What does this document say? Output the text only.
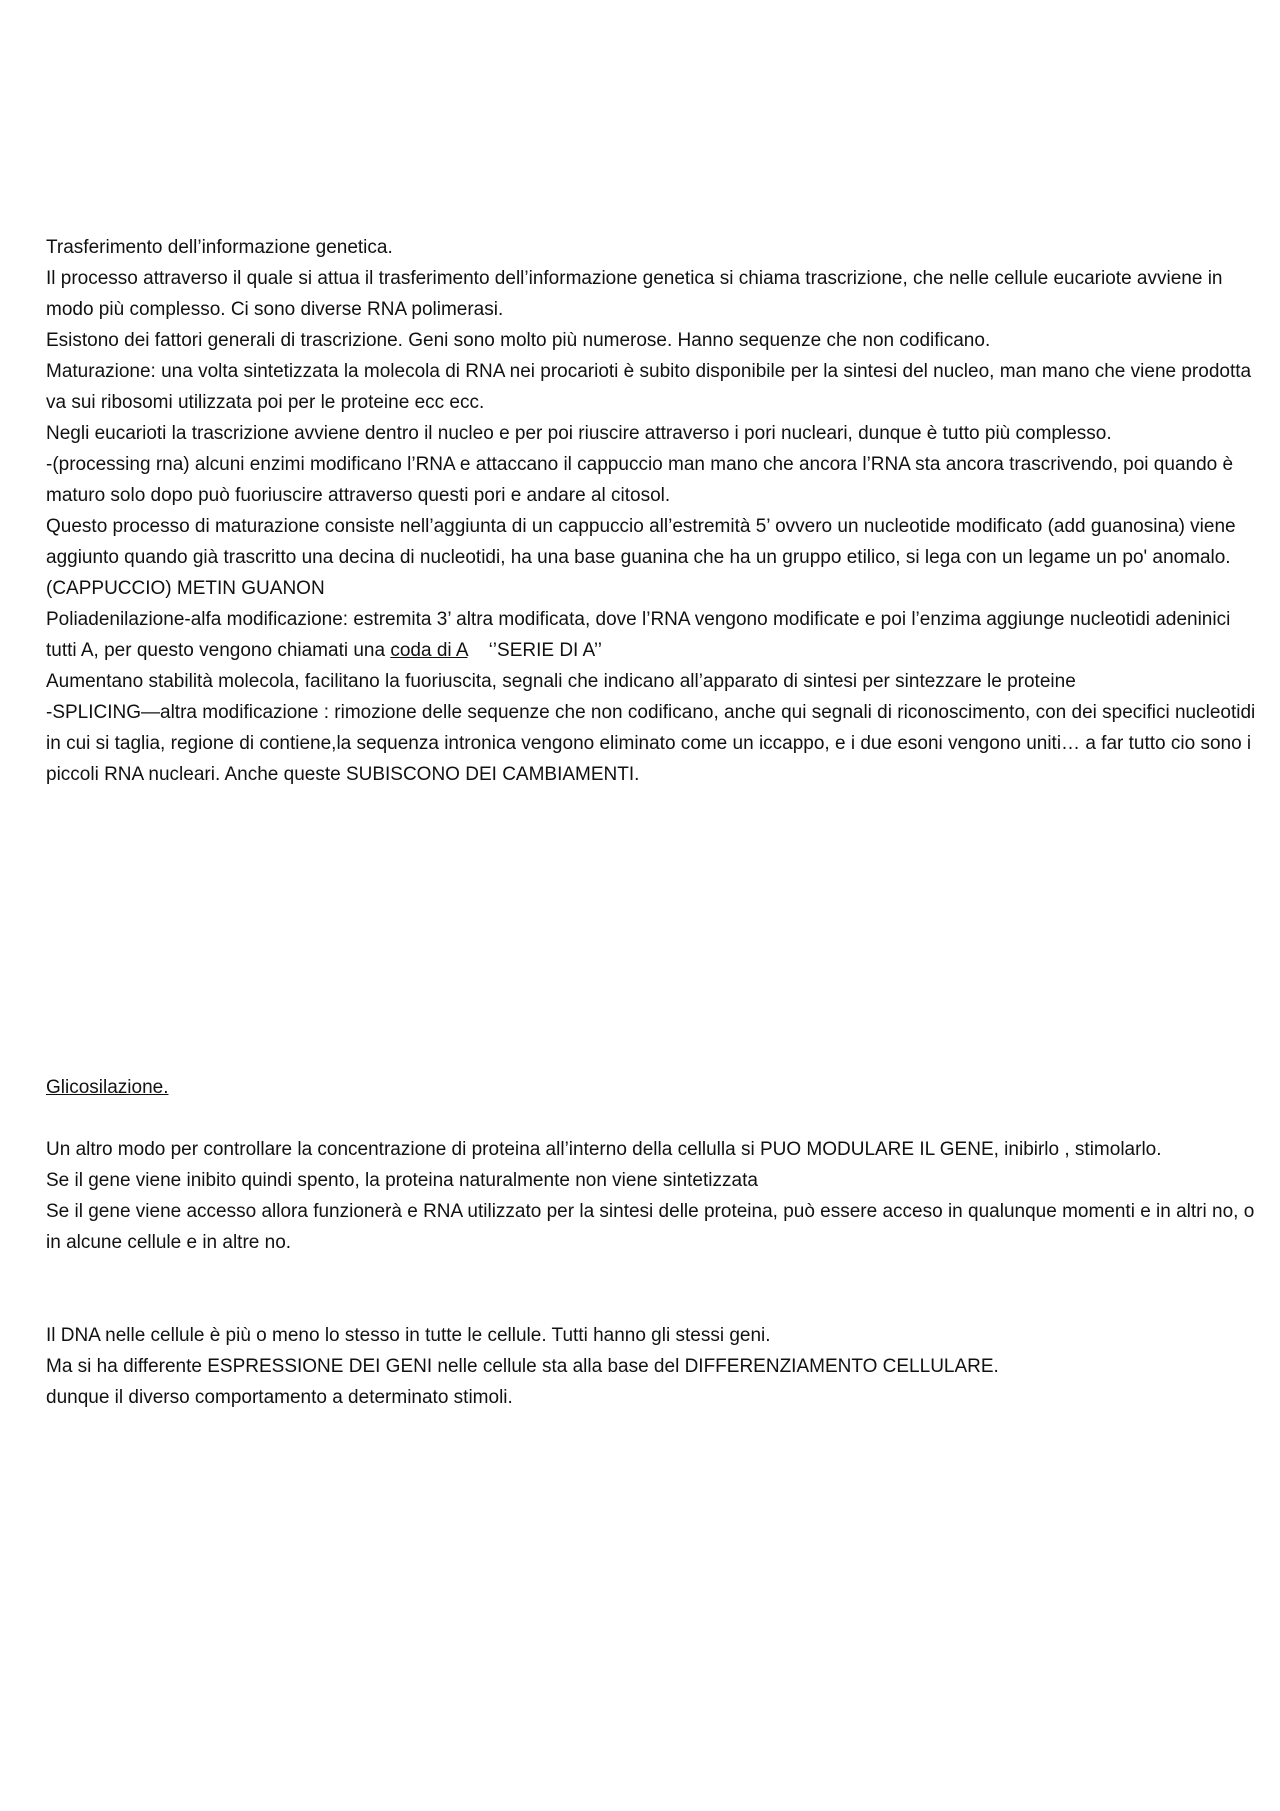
Trasferimento dell’informazione genetica.

Il processo attraverso il quale si attua il trasferimento dell’informazione genetica si chiama trascrizione, che nelle cellule eucariote avviene in modo più complesso. Ci sono diverse RNA polimerasi.

Esistono dei fattori generali di trascrizione. Geni sono molto più numerose. Hanno sequenze che non codificano.

Maturazione: una volta sintetizzata la molecola di RNA nei procarioti è subito disponibile per la sintesi del nucleo, man mano che viene prodotta va sui ribosomi utilizzata poi per le proteine ecc ecc.

Negli eucarioti la trascrizione avviene dentro il nucleo e per poi riuscire attraverso i pori nucleari, dunque è tutto più complesso.

-(processing rna) alcuni enzimi modificano l’RNA e attaccano il cappuccio man mano che ancora l’RNA sta ancora trascrivendo, poi quando è maturo solo dopo può fuoriuscire attraverso questi pori e andare al citosol.

Questo processo di maturazione consiste nell’aggiunta di un cappuccio all’estremità 5’ ovvero un nucleotide modificato (add guanosina) viene aggiunto quando già trascritto una decina di nucleotidi, ha una base guanina che ha un gruppo etilico, si lega con un legame un po' anomalo. (CAPPUCCIO) METIN GUANON

Poliadenilazione-alfa modificazione: estremita 3’ altra modificata, dove l’RNA vengono modificate e poi l’enzima aggiunge nucleotidi adeninici tutti A, per questo vengono chiamati una coda di A    ‘’SERIE DI A’’

Aumentano stabilità molecola, facilitano la fuoriuscita, segnali che indicano all’apparato di sintesi per sintezzare le proteine

-SPLICING—altra modificazione : rimozione delle sequenze che non codificano, anche qui segnali di riconoscimento, con dei specifici nucleotidi in cui si taglia, regione di contiene,la sequenza intronica vengono eliminato come un iccappo, e i due esoni vengono uniti… a far tutto cio sono i piccoli RNA nucleari. Anche queste SUBISCONO DEI CAMBIAMENTI.

Glicosilazione.

Un altro modo per controllare la concentrazione di proteina all’interno della cellulla si PUO MODULARE IL GENE, inibirlo , stimolarlo.

Se il gene viene inibito quindi spento, la proteina naturalmente non viene sintetizzata

Se il gene viene accesso allora funzionerà e RNA utilizzato per la sintesi delle proteina, può essere acceso in qualunque momenti e in altri no, o in alcune cellule e in altre no.

Il DNA nelle cellule è più o meno lo stesso in tutte le cellule. Tutti hanno gli stessi geni.

Ma si ha differente ESPRESSIONE DEI GENI nelle cellule sta alla base del DIFFERENZIAMENTO CELLULARE.

dunque il diverso comportamento a determinato stimoli.
